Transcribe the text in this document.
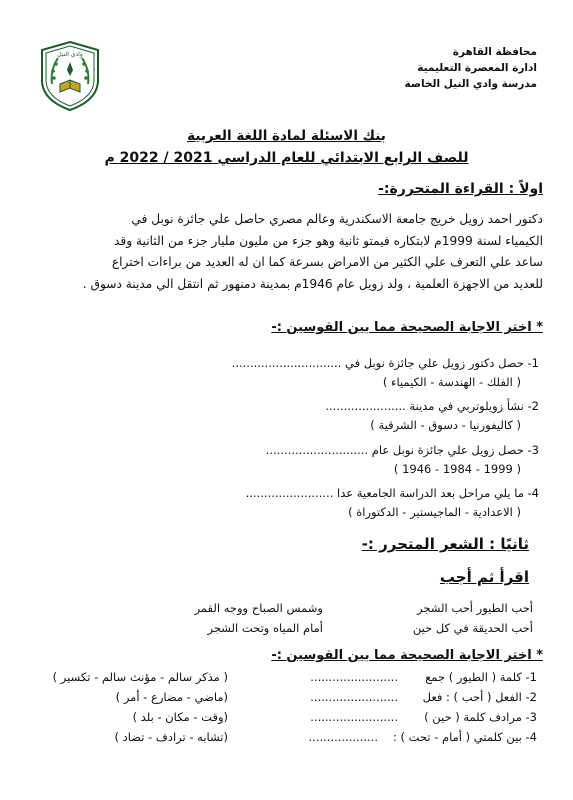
محافظة القاهرة
ادارة المعصرة التعليمية
مدرسة وادي النيل الخاصة
وادي النيل
بنك الاسئلة لمادة اللغة العربية
للصف الرابع الابتدائي للعام الدراسي 2021 / 2022 م
اولاً : القراءة المتحررة:-
دكتور احمد زويل خريج جامعة الاسكندرية وعالم مصري حاصل علي جائزة نوبل في
الكيمياء لسنة 1999م لابتكاره فيمتو ثانية وهو جزء من مليون مليار جزء من الثانية وقد
ساعد علي التعرف علي الكثير من الامراض بسرعة كما ان له العديد من براءات اختراع
للعديد من الاجهزة العلمية ، ولد زويل عام 1946م بمدينة دمنهور ثم انتقل الي مدينة دسوق .
* اختر الاجابة الصحيحة مما بين القوسين :-
1- حصل دكتور زويل علي جائزة نوبل في ..............................
( الفلك - الهندسة - الكيمياء )
2- نشأ زويلوتربي في مدينة ......................
( كاليفورنيا - دسوق - الشرقية )
3- حصل زويل علي جائزة نوبل عام ............................
( 1999 - 1984 - 1946 )
4- ما يلي مراحل بعد الدراسة الجامعية عدا ........................
( الاعدادية - الماجيستير - الدكتوراة )
ثانيًا : الشعر المتحرر :-
اقرأ ثم أجب
أحب الطيور أحب الشجر
وشمس الصباح ووجه القمر
أحب الحديقة في كل حين
أمام المياه وتحت الشجر
* اختر الاجابة الصحيحة مما بين القوسين :-
1- كلمة ( الطيور ) جمع
........................
( مذكر سالم - مؤنث سالم - تكسير )
2- الفعل ( أحب ) : فعل
........................
(ماضي - مضارع - أمر )
3- مرادف كلمة ( حين )
........................
(وقت - مكان - بلد )
4- بين كلمتي ( أمام - تحت ) :
...................
(تشابه - ترادف - تضاد )
